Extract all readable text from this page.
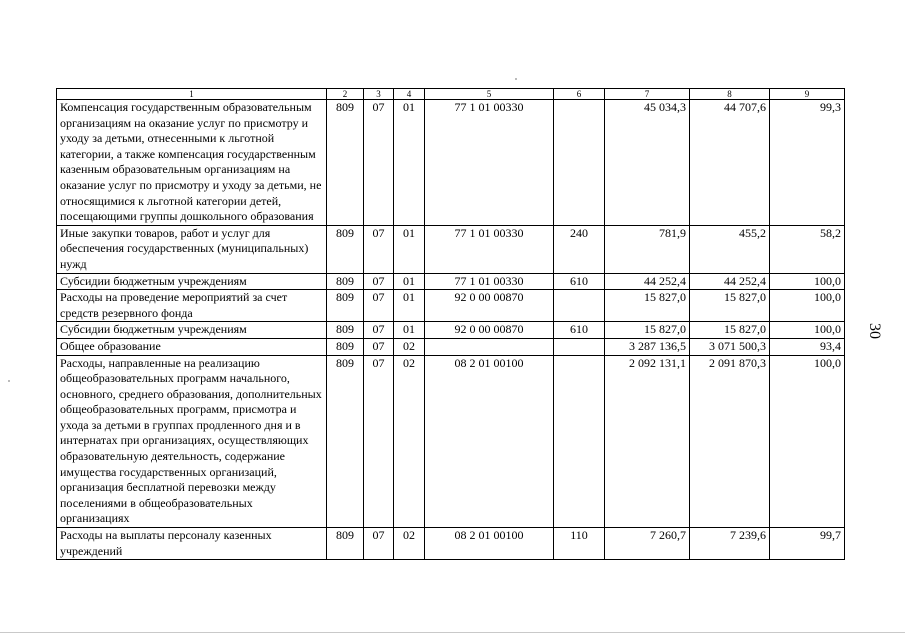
1	2	3	4	5	6	7	8	9
Компенсация государственным образовательным организациям на оказание услуг по присмотру и уходу за детьми, отнесенными к льготной категории, а также компенсация государственным казенным образовательным организациям на оказание услуг по присмотру и уходу за детьми, не относящимися к льготной категории детей, посещающими группы дошкольного образования	809	07	01	77 1 01 00330		45 034,3	44 707,6	99,3
Иные закупки товаров, работ и услуг для обеспечения государственных (муниципальных) нужд	809	07	01	77 1 01 00330	240	781,9	455,2	58,2
Субсидии бюджетным учреждениям	809	07	01	77 1 01 00330	610	44 252,4	44 252,4	100,0
Расходы на проведение мероприятий за счет средств резервного фонда	809	07	01	92 0 00 00870		15 827,0	15 827,0	100,0
Субсидии бюджетным учреждениям	809	07	01	92 0 00 00870	610	15 827,0	15 827,0	100,0
Общее образование	809	07	02			3 287 136,5	3 071 500,3	93,4
Расходы, направленные на реализацию общеобразовательных программ начального, основного, среднего образования, дополнительных общеобразовательных программ, присмотра и ухода за детьми в группах продленного дня и в интернатах при организациях, осуществляющих образовательную деятельность, содержание имущества государственных организаций, организация бесплатной перевозки между поселениями в общеобразовательных организациях	809	07	02	08 2 01 00100		2 092 131,1	2 091 870,3	100,0
Расходы на выплаты персоналу казенных учреждений	809	07	02	08 2 01 00100	110	7 260,7	7 239,6	99,7
30
